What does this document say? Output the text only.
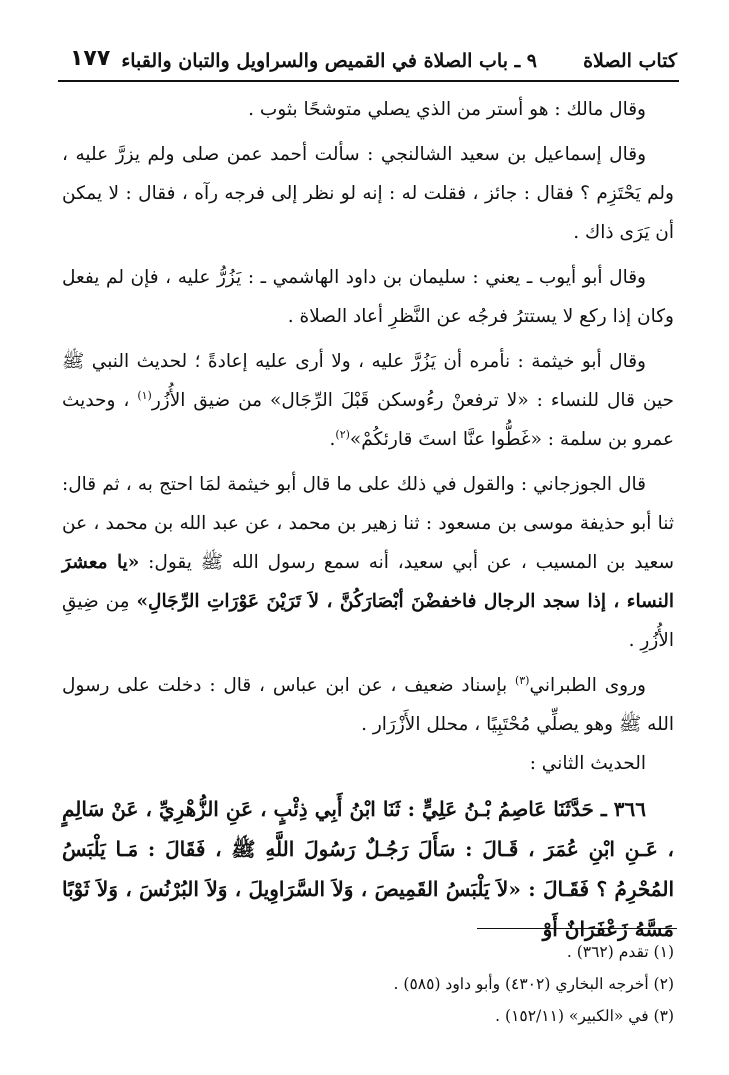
كتاب الصلاة
٩ ـ باب الصلاة في القميص والسراويل والتبان والقباء
١٧٧

وقال مالك : هو أستر من الذي يصلي متوشحًا بثوب .

وقال إسماعيل بن سعيد الشالنجي : سألت أحمد عمن صلى ولم يزرَّ عليه ، ولم يَحْتَزِم ؟ فقال : جائز ، فقلت له : إنه لو نظر إلى فرجه رآه ، فقال : لا يمكن أن يَرَى ذاك .

وقال أبو أيوب ـ يعني : سليمان بن داود الهاشمي ـ : يَزُرُّ عليه ، فإن لم يفعل وكان إذا ركع لا يستترُ فرجُه عن النَّظرِ أعاد الصلاة .

وقال أبو خيثمة : نأمره أن يَزُرَّ عليه ، ولا أرى عليه إعادةً ؛ لحديث النبي ﷺ حين قال للنساء : «لا ترفعنْ رءُوسكن قَبْلَ الرِّجَال» من ضيق الأُزُر$^{(١)}$ ، وحديث عمرو بن سلمة : «غَطُّوا عنَّا استَ قارئكُمْ»$^{(٢)}$.

قال الجوزجاني : والقول في ذلك على ما قال أبو خيثمة لمَا احتج به ، ثم قال: ثنا أبو حذيفة موسى بن مسعود : ثنا زهير بن محمد ، عن عبد الله بن محمد ، عن سعيد بن المسيب ، عن أبي سعيد، أنه سمع رسول الله ﷺ يقول: «يا معشرَ النساء ، إذا سجد الرجال فاخفضْنَ أبْصَارَكُنَّ ، لاَ تَرَيْنَ عَوْرَاتِ الرِّجَالِ» مِن ضِيقِ الأُزُرِ .

وروى الطبراني$^{(٣)}$ بإسناد ضعيف ، عن ابن عباس ، قال : دخلت على رسول الله ﷺ وهو يصلِّي مُحْتَبِيًا ، محلل الأَزْرَار .

الحديث الثاني :

٣٦٦ ـ حَدَّثَنَا عَاصِمُ بْـنُ عَلِيٍّ : ثَنَا ابْنُ أَبِي ذِئْبٍ ، عَنِ الزُّهْرِيِّ ، عَنْ سَالِمٍ ، عَـنِ ابْنِ عُمَرَ ، قَـالَ : سَأَلَ رَجُـلٌ رَسُولَ اللَّهِ ﷺ ، فَقَالَ : مَـا يَلْبَسُ المُحْرِمُ ؟ فَقَـالَ : «لاَ يَلْبَسُ القَمِيصَ ، وَلاَ السَّرَاوِيلَ ، وَلاَ البُرْنُسَ ، وَلاَ ثَوْبًا مَسَّهُ زَعْفَرَانٌ أَوْ

(١) تقدم (٣٦٢) .

(٢) أخرجه البخاري (٤٣٠٢) وأبو داود (٥٨٥) .

(٣) في «الكبير» (١٥٢/١١) .
